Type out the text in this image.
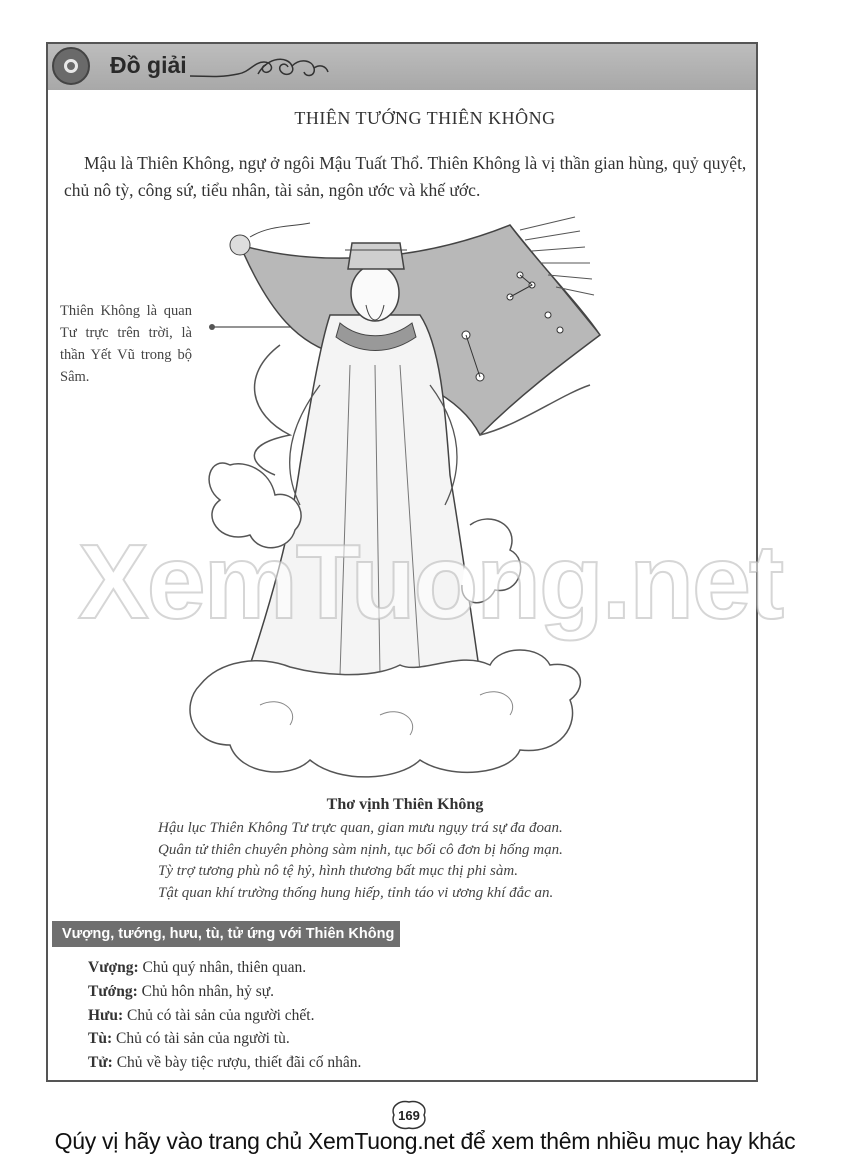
Đồ giải
THIÊN TƯỚNG THIÊN KHÔNG
Mậu là Thiên Không, ngự ở ngôi Mậu Tuất Thổ. Thiên Không là vị thần gian hùng, quỷ quyệt, chủ nô tỳ, công sứ, tiểu nhân, tài sản, ngôn ước và khế ước.
Thiên Không là quan Tư trực trên trời, là thần Yết Vũ trong bộ Sâm.
XemTuong.net
Thơ vịnh Thiên Không
Hậu lục Thiên Không Tư trực quan, gian mưu ngụy trá sự đa đoan.
Quân tử thiên chuyên phòng sàm nịnh, tục bối cô đơn bị hống mạn.
Tỳ trợ tương phù nô tệ hỷ, hình thương bất mục thị phi sàm.
Tật quan khí trường thống hung hiếp, tỉnh táo vi ương khí đắc an.
Vượng, tướng, hưu, tù, tử ứng với Thiên Không
Vượng: Chủ quý nhân, thiên quan.
Tướng: Chủ hôn nhân, hỷ sự.
Hưu: Chủ có tài sản của người chết.
Tù: Chủ có tài sản của người tù.
Tử: Chủ về bày tiệc rượu, thiết đãi cố nhân.
169
Qúy vị hãy vào trang chủ XemTuong.net để xem thêm nhiều mục hay khác
